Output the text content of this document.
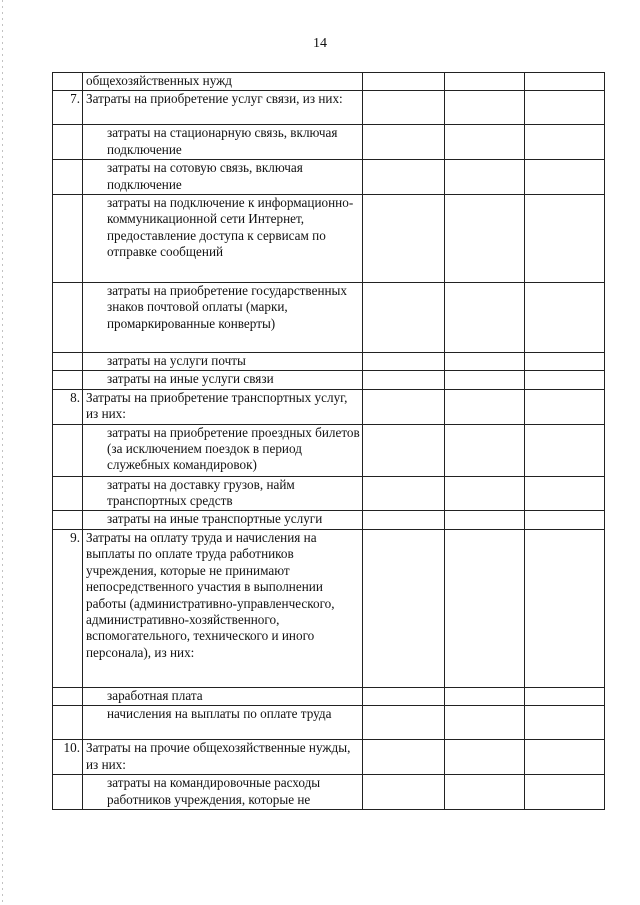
14
	общехозяйственных нужд			
7.	Затраты на приобретение услуг связи, из них:			
	затраты на стационарную связь, включая подключение			
	затраты на сотовую связь, включая подключение			
	затраты на подключение к информационно-коммуникационной сети Интернет, предоставление доступа к сервисам по отправке сообщений			
	затраты на приобретение государственных знаков почтовой оплаты (марки, промаркированные конверты)			
	затраты на услуги почты			
	затраты на иные услуги связи			
8.	Затраты на приобретение транспортных услуг, из них:			
	затраты на приобретение проездных билетов (за исключением поездок в период служебных командировок)			
	затраты на доставку грузов, найм транспортных средств			
	затраты на иные транспортные услуги			
9.	Затраты на оплату труда и начисления на выплаты по оплате труда работников учреждения, которые не принимают непосредственного участия в выполнении работы (административно-управленческого, административно-хозяйственного, вспомогательного, технического и иного персонала), из них:			
	заработная плата			
	начисления на выплаты по оплате труда			
10.	Затраты на прочие общехозяйственные нужды, из них:			
	затраты на командировочные расходы работников учреждения, которые не			
